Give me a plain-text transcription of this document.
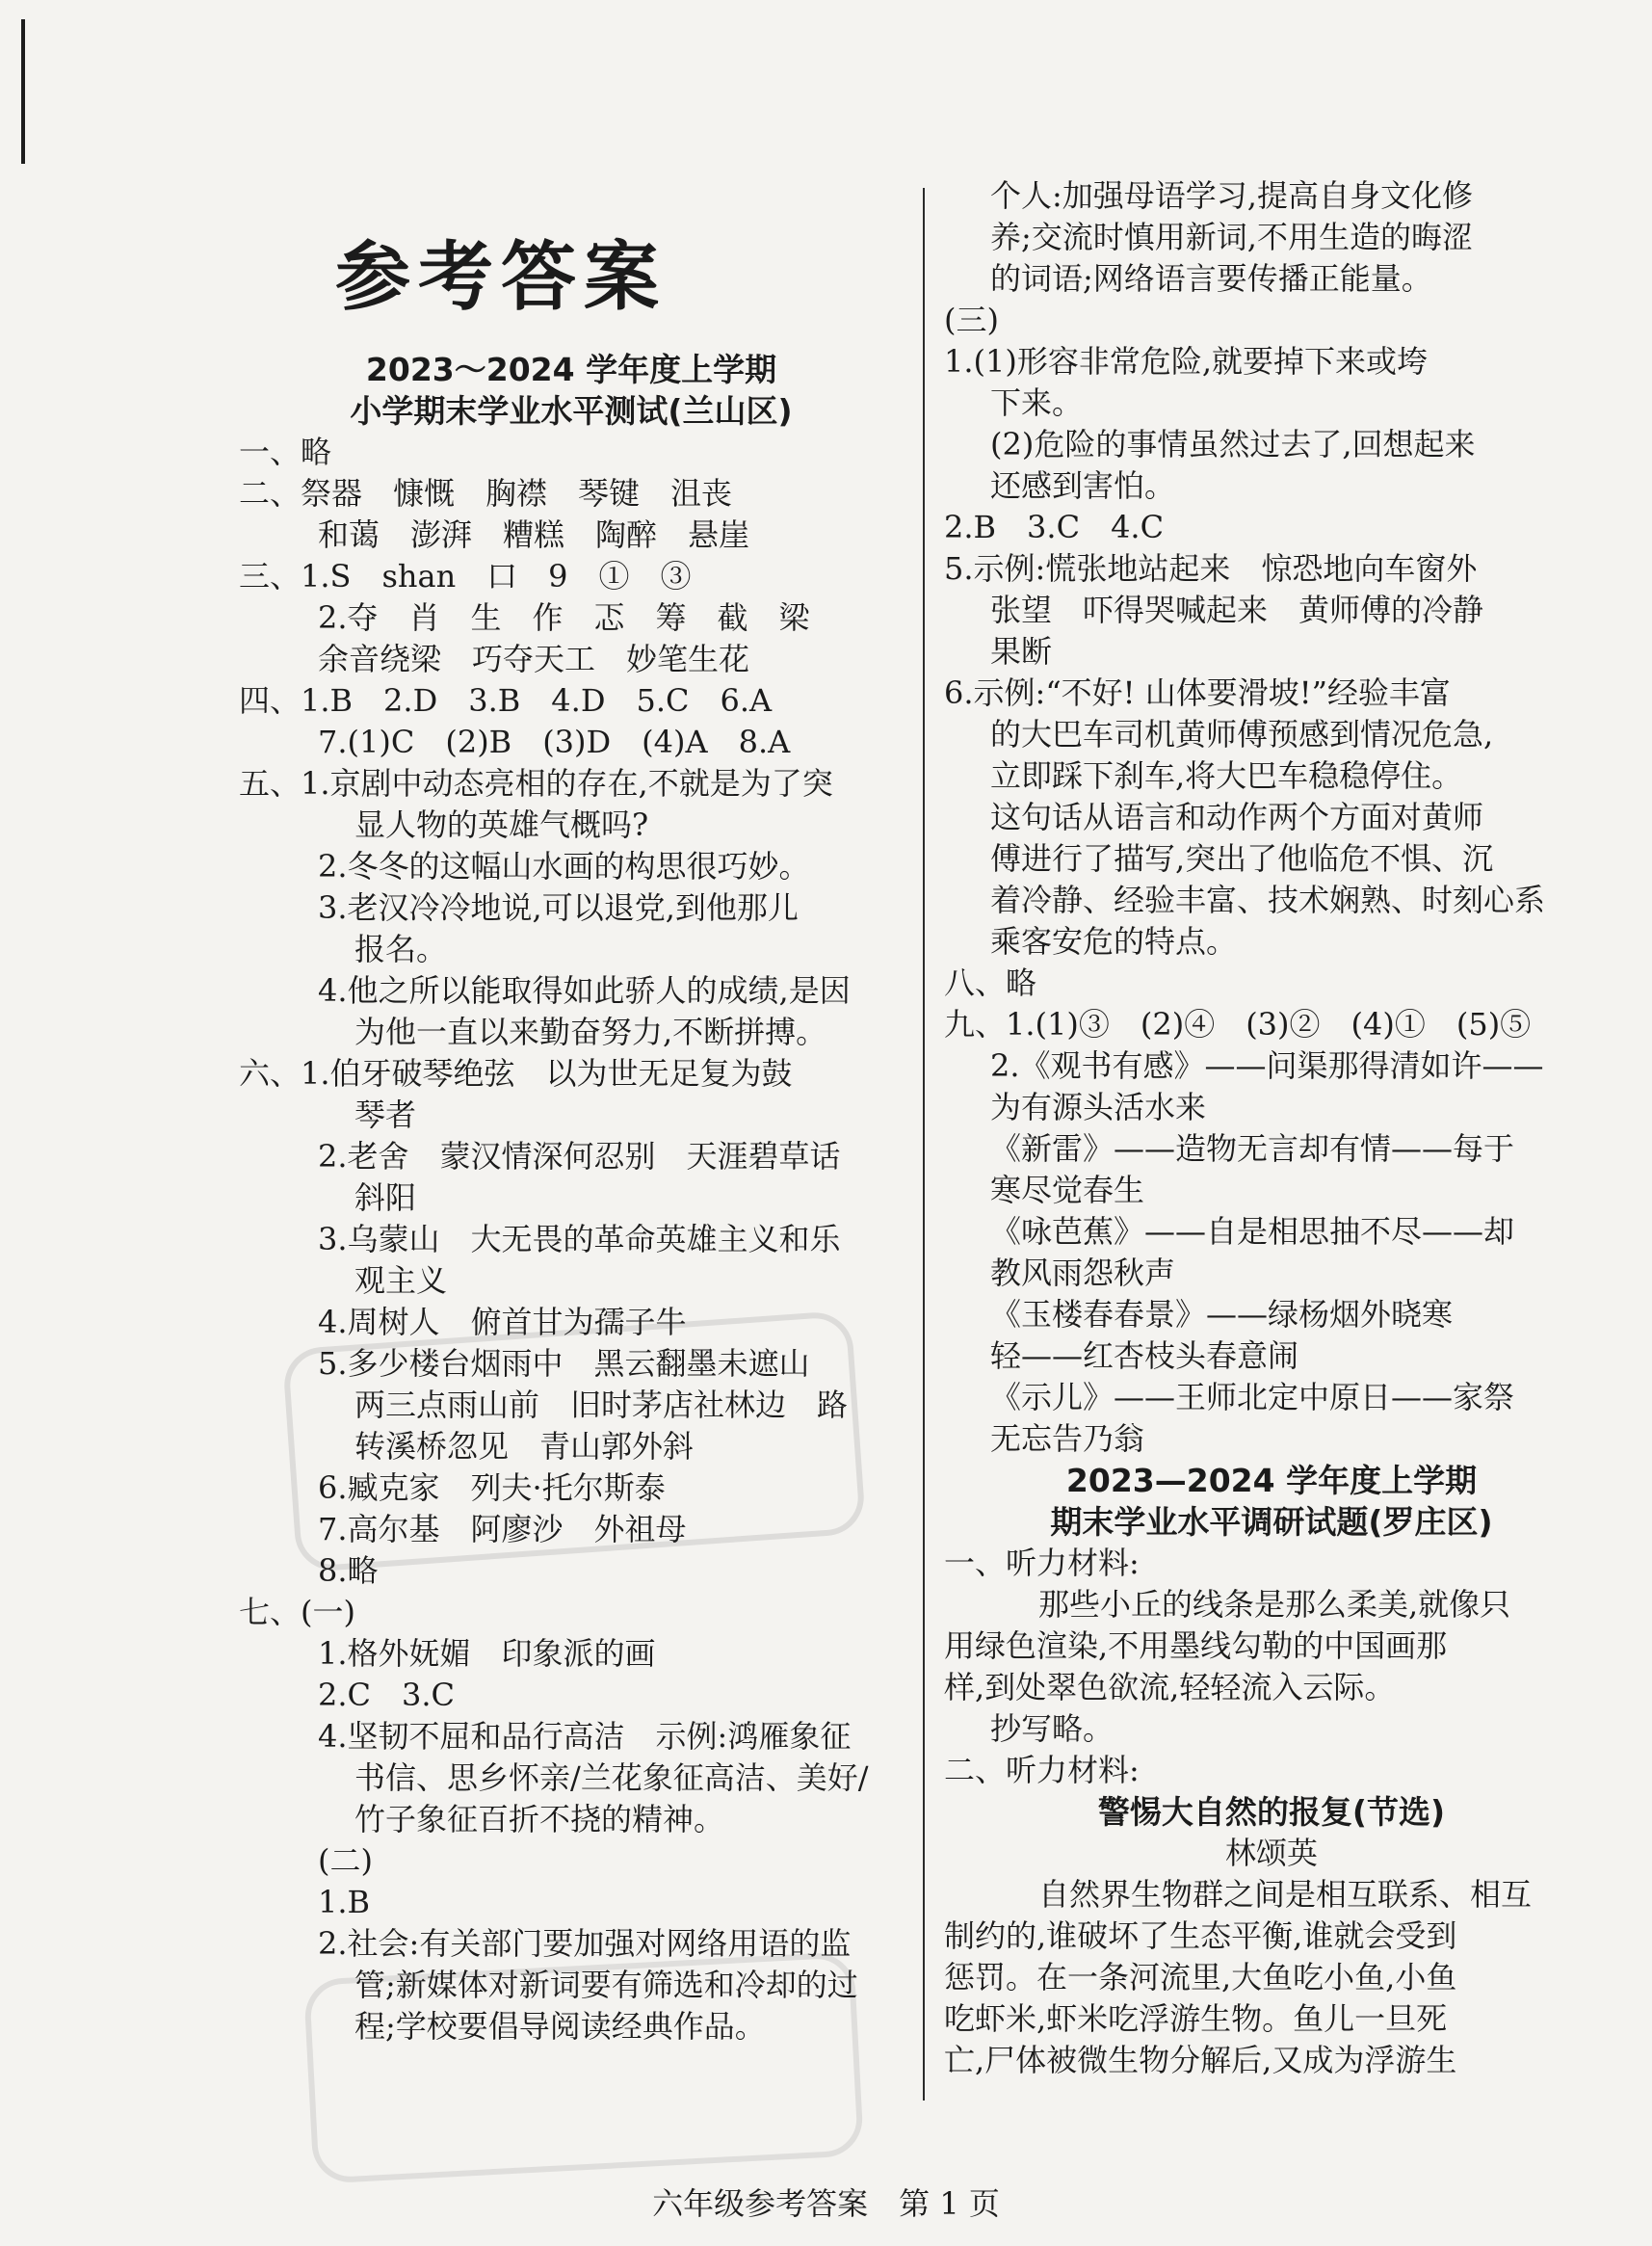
参考答案
2023～2024 学年度上学期
小学期末学业水平测试(兰山区)
一、略
二、祭器　慷慨　胸襟　琴键　沮丧
和蔼　澎湃　糟糕　陶醉　悬崖
三、1.S　shan　口　9　①　③
2.夺　肖　生　作　忑　筹　截　梁
余音绕梁　巧夺天工　妙笔生花
四、1.B　2.D　3.B　4.D　5.C　6.A
7.(1)C　(2)B　(3)D　(4)A　8.A
五、1.京剧中动态亮相的存在,不就是为了突
显人物的英雄气概吗?
2.冬冬的这幅山水画的构思很巧妙。
3.老汉冷冷地说,可以退党,到他那儿
报名。
4.他之所以能取得如此骄人的成绩,是因
为他一直以来勤奋努力,不断拼搏。
六、1.伯牙破琴绝弦　以为世无足复为鼓
琴者
2.老舍　蒙汉情深何忍别　天涯碧草话
斜阳
3.乌蒙山　大无畏的革命英雄主义和乐
观主义
4.周树人　俯首甘为孺子牛
5.多少楼台烟雨中　黑云翻墨未遮山
两三点雨山前　旧时茅店社林边　路
转溪桥忽见　青山郭外斜
6.臧克家　列夫·托尔斯泰
7.高尔基　阿廖沙　外祖母
8.略
七、(一)
1.格外妩媚　印象派的画
2.C　3.C
4.坚韧不屈和品行高洁　示例:鸿雁象征
书信、思乡怀亲/兰花象征高洁、美好/
竹子象征百折不挠的精神。
(二)
1.B
2.社会:有关部门要加强对网络用语的监
管;新媒体对新词要有筛选和冷却的过
程;学校要倡导阅读经典作品。
个人:加强母语学习,提高自身文化修
养;交流时慎用新词,不用生造的晦涩
的词语;网络语言要传播正能量。
(三)
1.(1)形容非常危险,就要掉下来或垮
下来。
(2)危险的事情虽然过去了,回想起来
还感到害怕。
2.B　3.C　4.C
5.示例:慌张地站起来　惊恐地向车窗外
张望　吓得哭喊起来　黄师傅的冷静
果断
6.示例:“不好! 山体要滑坡!”经验丰富
的大巴车司机黄师傅预感到情况危急,
立即踩下刹车,将大巴车稳稳停住。
这句话从语言和动作两个方面对黄师
傅进行了描写,突出了他临危不惧、沉
着冷静、经验丰富、技术娴熟、时刻心系
乘客安危的特点。
八、略
九、1.(1)③　(2)④　(3)②　(4)①　(5)⑤
2.《观书有感》——问渠那得清如许——
为有源头活水来
《新雷》——造物无言却有情——每于
寒尽觉春生
《咏芭蕉》——自是相思抽不尽——却
教风雨怨秋声
《玉楼春春景》——绿杨烟外晓寒
轻——红杏枝头春意闹
《示儿》——王师北定中原日——家祭
无忘告乃翁
2023—2024 学年度上学期
期末学业水平调研试题(罗庄区)
一、听力材料:
那些小丘的线条是那么柔美,就像只
用绿色渲染,不用墨线勾勒的中国画那
样,到处翠色欲流,轻轻流入云际。
抄写略。
二、听力材料:
警惕大自然的报复(节选)
林颂英
自然界生物群之间是相互联系、相互
制约的,谁破坏了生态平衡,谁就会受到
惩罚。在一条河流里,大鱼吃小鱼,小鱼
吃虾米,虾米吃浮游生物。鱼儿一旦死
亡,尸体被微生物分解后,又成为浮游生
六年级参考答案　第 1 页
